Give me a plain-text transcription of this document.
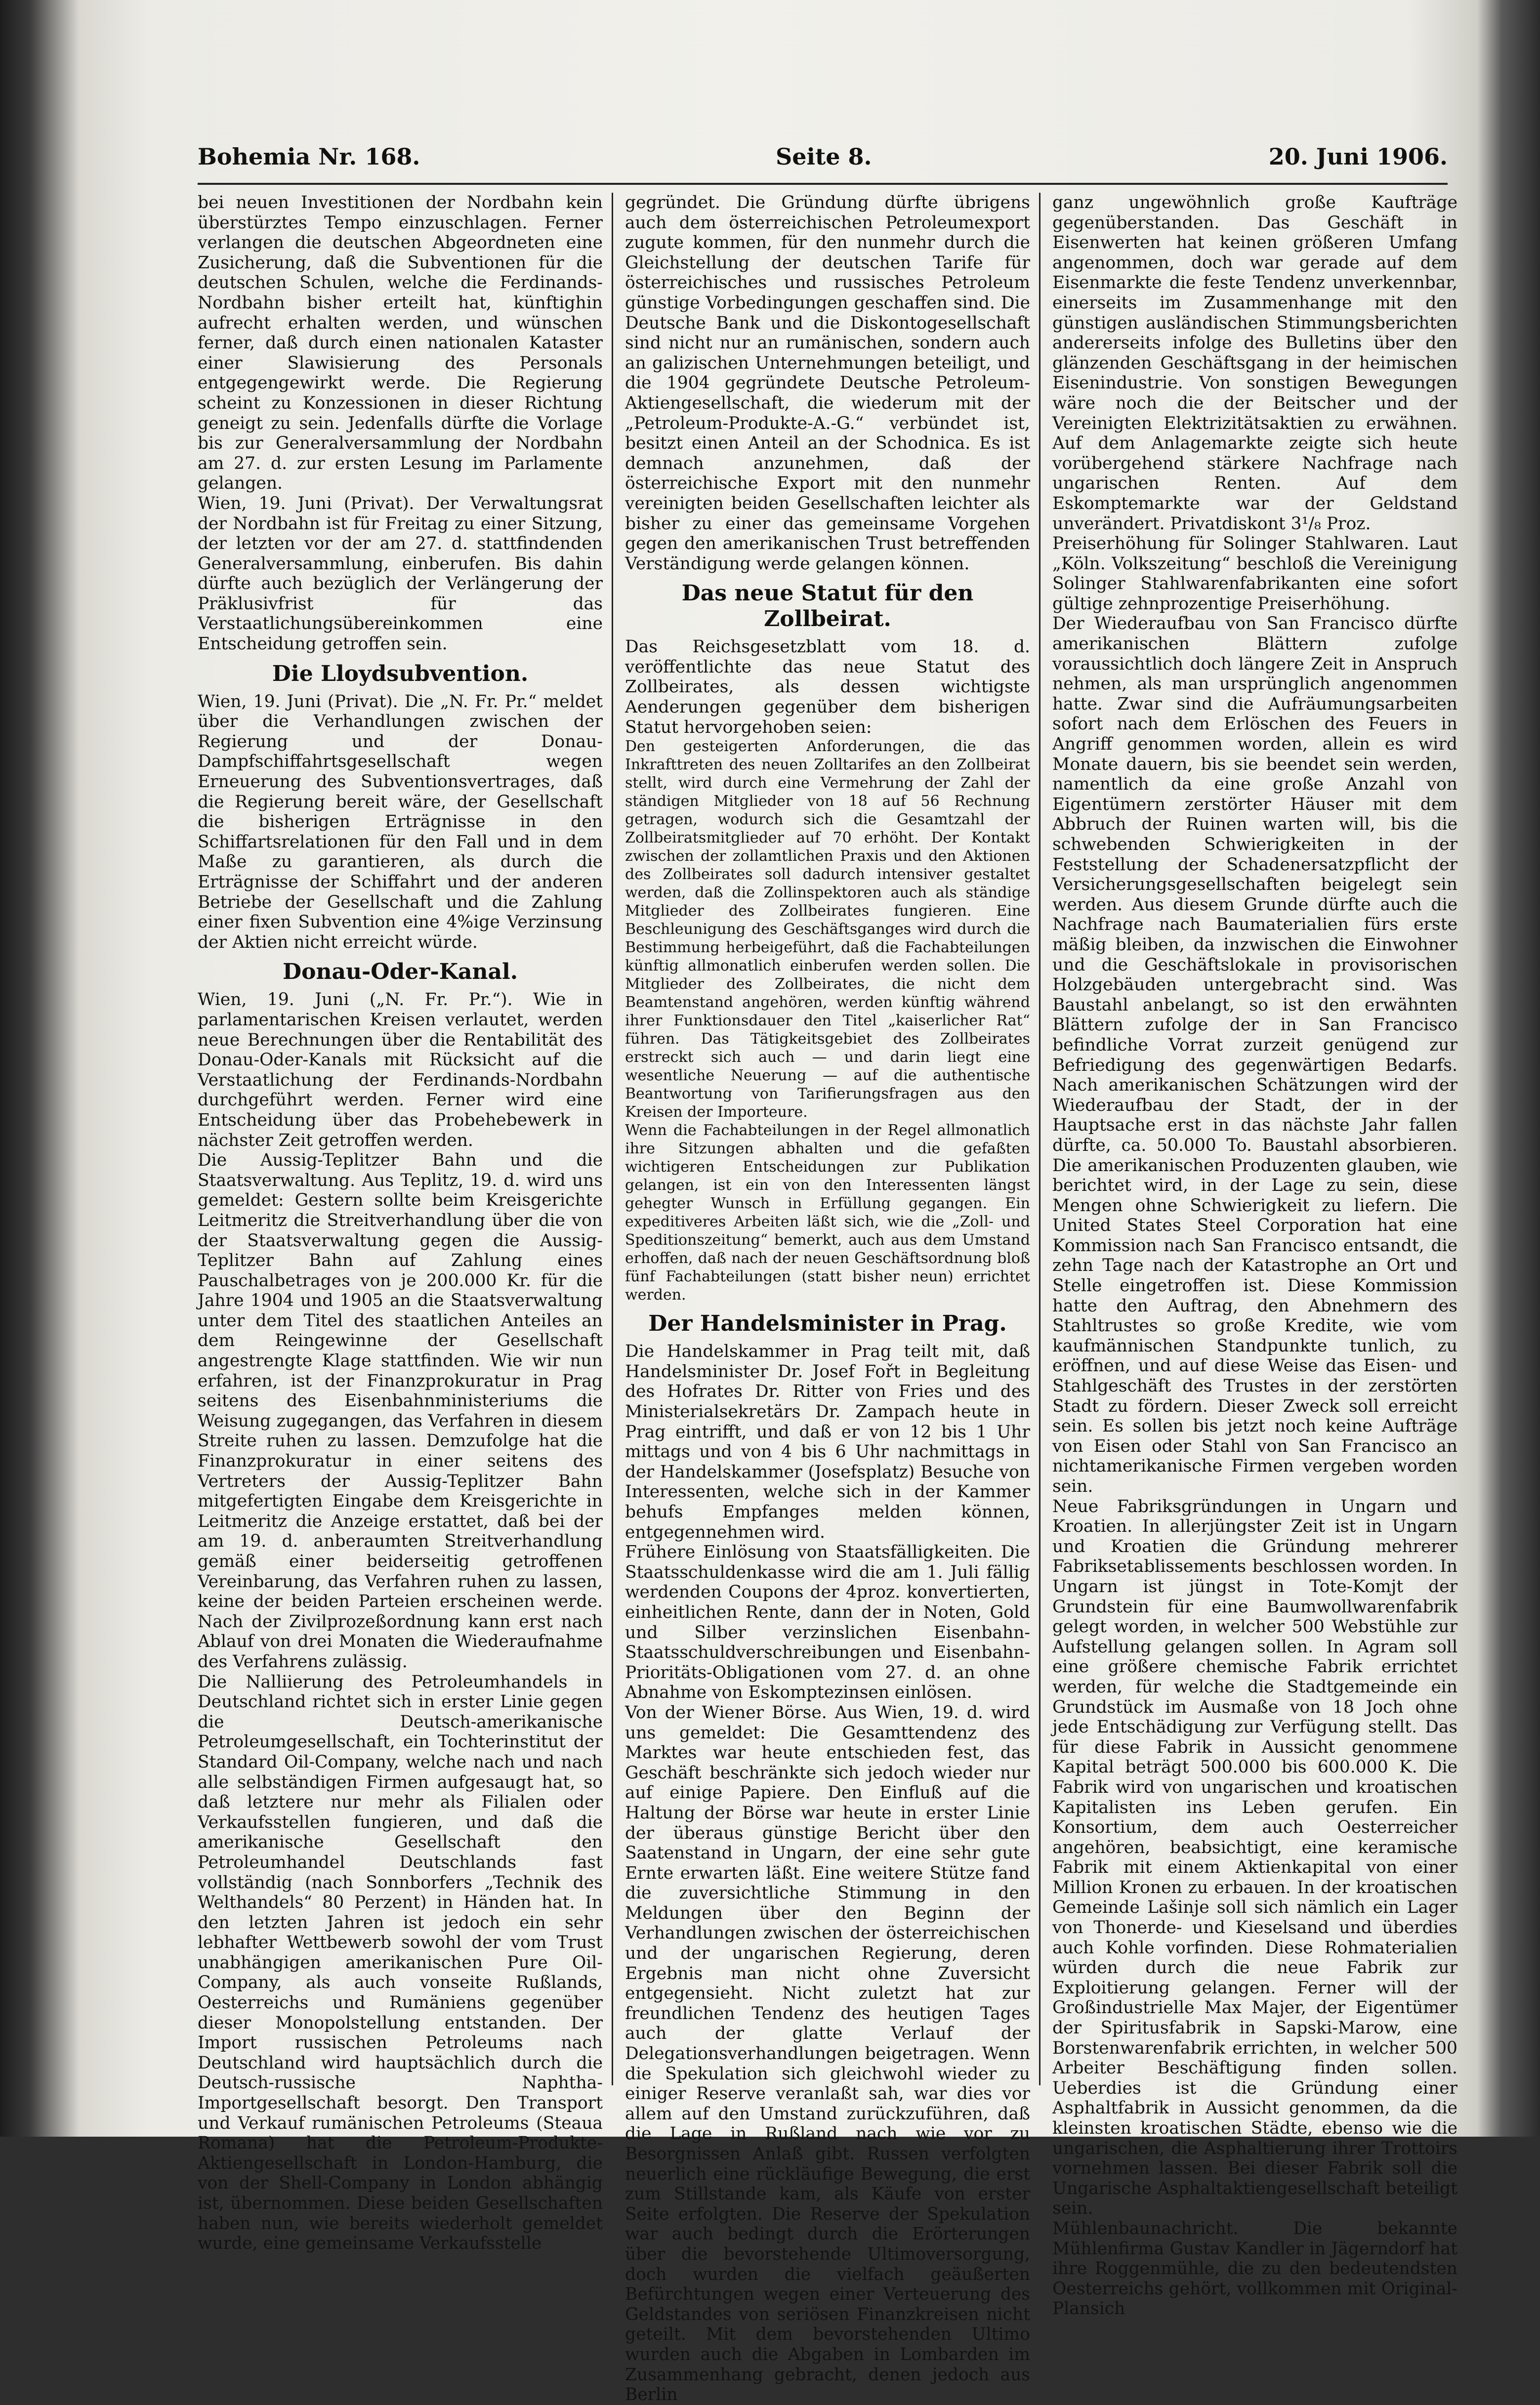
Bohemia Nr. 168.	Seite 8.	20. Juni 1906.

bei neuen Investitionen der Nordbahn kein überstürztes Tempo einzuschlagen. Ferner verlangen die deutschen Abgeordneten eine Zusicherung, daß die Subventionen für die deutschen Schulen, welche die Ferdinands-Nordbahn bisher erteilt hat, künftighin aufrecht erhalten werden, und wünschen ferner, daß durch einen nationalen Kataster einer Slawisierung des Personals entgegengewirkt werde. Die Regierung scheint zu Konzessionen in dieser Richtung geneigt zu sein. Jedenfalls dürfte die Vorlage bis zur Generalversammlung der Nordbahn am 27. d. zur ersten Lesung im Parlamente gelangen.

Wien, 19. Juni (Privat). Der Verwaltungsrat der Nordbahn ist für Freitag zu einer Sitzung, der letzten vor der am 27. d. stattfindenden Generalversammlung, einberufen. Bis dahin dürfte auch bezüglich der Verlängerung der Präklusivfrist für das Verstaatlichungsübereinkommen eine Entscheidung getroffen sein.

Die Lloydsubvention.

Wien, 19. Juni (Privat). Die „N. Fr. Pr.“ meldet über die Verhandlungen zwischen der Regierung und der Donau-Dampfschiffahrtsgesellschaft wegen Erneuerung des Subventionsvertrages, daß die Regierung bereit wäre, der Gesellschaft die bisherigen Erträgnisse in den Schiffartsrelationen für den Fall und in dem Maße zu garantieren, als durch die Erträgnisse der Schiffahrt und der anderen Betriebe der Gesellschaft und die Zahlung einer fixen Subvention eine 4%ige Verzinsung der Aktien nicht erreicht würde.

Donau-Oder-Kanal.

Wien, 19. Juni („N. Fr. Pr.“). Wie in parlamentarischen Kreisen verlautet, werden neue Berechnungen über die Rentabilität des Donau-Oder-Kanals mit Rücksicht auf die Verstaatlichung der Ferdinands-Nordbahn durchgeführt werden. Ferner wird eine Entscheidung über das Probehebewerk in nächster Zeit getroffen werden.

Die Aussig-Teplitzer Bahn und die Staatsverwaltung. Aus Teplitz, 19. d. wird uns gemeldet: Gestern sollte beim Kreisgerichte Leitmeritz die Streitverhandlung über die von der Staatsverwaltung gegen die Aussig-Teplitzer Bahn auf Zahlung eines Pauschalbetrages von je 200.000 Kr. für die Jahre 1904 und 1905 an die Staatsverwaltung unter dem Titel des staatlichen Anteiles an dem Reingewinne der Gesellschaft angestrengte Klage stattfinden. Wie wir nun erfahren, ist der Finanzprokuratur in Prag seitens des Eisenbahnministeriums die Weisung zugegangen, das Verfahren in diesem Streite ruhen zu lassen. Demzufolge hat die Finanzprokuratur in einer seitens des Vertreters der Aussig-Teplitzer Bahn mitgefertigten Eingabe dem Kreisgerichte in Leitmeritz die Anzeige erstattet, daß bei der am 19. d. anberaumten Streitverhandlung gemäß einer beiderseitig getroffenen Vereinbarung, das Verfahren ruhen zu lassen, keine der beiden Parteien erscheinen werde. Nach der Zivilprozeßordnung kann erst nach Ablauf von drei Monaten die Wiederaufnahme des Verfahrens zulässig.

Die Nalliierung des Petroleumhandels in Deutschland richtet sich in erster Linie gegen die Deutsch-amerikanische Petroleumgesellschaft, ein Tochterinstitut der Standard Oil-Company, welche nach und nach alle selbständigen Firmen aufgesaugt hat, so daß letztere nur mehr als Filialen oder Verkaufsstellen fungieren, und daß die amerikanische Gesellschaft den Petroleumhandel Deutschlands fast vollständig (nach Sonnborfers „Technik des Welthandels“ 80 Perzent) in Händen hat. In den letzten Jahren ist jedoch ein sehr lebhafter Wettbewerb sowohl der vom Trust unabhängigen amerikanischen Pure Oil-Company, als auch vonseite Rußlands, Oesterreichs und Rumäniens gegenüber dieser Monopolstellung entstanden. Der Import russischen Petroleums nach Deutschland wird hauptsächlich durch die Deutsch-russische Naphtha-Importgesellschaft besorgt. Den Transport und Verkauf rumänischen Petroleums (Steaua Romana) hat die Petroleum-Produkte-Aktiengesellschaft in London-Hamburg, die von der Shell-Company in London abhängig ist, übernommen. Diese beiden Gesellschaften haben nun, wie bereits wiederholt gemeldet wurde, eine gemeinsame Verkaufsstelle

gegründet. Die Gründung dürfte übrigens auch dem österreichischen Petroleumexport zugute kommen, für den nunmehr durch die Gleichstellung der deutschen Tarife für österreichisches und russisches Petroleum günstige Vorbedingungen geschaffen sind. Die Deutsche Bank und die Diskontogesellschaft sind nicht nur an rumänischen, sondern auch an galizischen Unternehmungen beteiligt, und die 1904 gegründete Deutsche Petroleum-Aktiengesellschaft, die wiederum mit der „Petroleum-Produkte-A.-G.“ verbündet ist, besitzt einen Anteil an der Schodnica. Es ist demnach anzunehmen, daß der österreichische Export mit den nunmehr vereinigten beiden Gesellschaften leichter als bisher zu einer das gemeinsame Vorgehen gegen den amerikanischen Trust betreffenden Verständigung werde gelangen können.

Das neue Statut für den Zollbeirat.

Das Reichsgesetzblatt vom 18. d. veröffentlichte das neue Statut des Zollbeirates, als dessen wichtigste Aenderungen gegenüber dem bisherigen Statut hervorgehoben seien:

Den gesteigerten Anforderungen, die das Inkrafttreten des neuen Zolltarifes an den Zollbeirat stellt, wird durch eine Vermehrung der Zahl der ständigen Mitglieder von 18 auf 56 Rechnung getragen, wodurch sich die Gesamtzahl der Zollbeiratsmitglieder auf 70 erhöht. Der Kontakt zwischen der zollamtlichen Praxis und den Aktionen des Zollbeirates soll dadurch intensiver gestaltet werden, daß die Zollinspektoren auch als ständige Mitglieder des Zollbeirates fungieren. Eine Beschleunigung des Geschäftsganges wird durch die Bestimmung herbeigeführt, daß die Fachabteilungen künftig allmonatlich einberufen werden sollen. Die Mitglieder des Zollbeirates, die nicht dem Beamtenstand angehören, werden künftig während ihrer Funktionsdauer den Titel „kaiserlicher Rat“ führen. Das Tätigkeitsgebiet des Zollbeirates erstreckt sich auch — und darin liegt eine wesentliche Neuerung — auf die authentische Beantwortung von Tarifierungsfragen aus den Kreisen der Importeure.

Wenn die Fachabteilungen in der Regel allmonatlich ihre Sitzungen abhalten und die gefaßten wichtigeren Entscheidungen zur Publikation gelangen, ist ein von den Interessenten längst gehegter Wunsch in Erfüllung gegangen. Ein expeditiveres Arbeiten läßt sich, wie die „Zoll- und Speditionszeitung“ bemerkt, auch aus dem Umstand erhoffen, daß nach der neuen Geschäftsordnung bloß fünf Fachabteilungen (statt bisher neun) errichtet werden.

Der Handelsminister in Prag.

Die Handelskammer in Prag teilt mit, daß Handelsminister Dr. Josef Fořt in Begleitung des Hofrates Dr. Ritter von Fries und des Ministerialsekretärs Dr. Zampach heute in Prag eintrifft, und daß er von 12 bis 1 Uhr mittags und von 4 bis 6 Uhr nachmittags in der Handelskammer (Josefsplatz) Besuche von Interessenten, welche sich in der Kammer behufs Empfanges melden können, entgegennehmen wird.

Frühere Einlösung von Staatsfälligkeiten. Die Staatsschuldenkasse wird die am 1. Juli fällig werdenden Coupons der 4proz. konvertierten, einheitlichen Rente, dann der in Noten, Gold und Silber verzinslichen Eisenbahn-Staatsschuldverschreibungen und Eisenbahn-Prioritäts-Obligationen vom 27. d. an ohne Abnahme von Eskomptezinsen einlösen.

Von der Wiener Börse. Aus Wien, 19. d. wird uns gemeldet: Die Gesamttendenz des Marktes war heute entschieden fest, das Geschäft beschränkte sich jedoch wieder nur auf einige Papiere. Den Einfluß auf die Haltung der Börse war heute in erster Linie der überaus günstige Bericht über den Saatenstand in Ungarn, der eine sehr gute Ernte erwarten läßt. Eine weitere Stütze fand die zuversichtliche Stimmung in den Meldungen über den Beginn der Verhandlungen zwischen der österreichischen und der ungarischen Regierung, deren Ergebnis man nicht ohne Zuversicht entgegensieht. Nicht zuletzt hat zur freundlichen Tendenz des heutigen Tages auch der glatte Verlauf der Delegationsverhandlungen beigetragen. Wenn die Spekulation sich gleichwohl wieder zu einiger Reserve veranlaßt sah, war dies vor allem auf den Umstand zurückzuführen, daß die Lage in Rußland nach wie vor zu Besorgnissen Anlaß gibt. Russen verfolgten neuerlich eine rückläufige Bewegung, die erst zum Stillstande kam, als Käufe von erster Seite erfolgten. Die Reserve der Spekulation war auch bedingt durch die Erörterungen über die bevorstehende Ultimoversorgung, doch wurden die vielfach geäußerten Befürchtungen wegen einer Verteuerung des Geldstandes von seriösen Finanzkreisen nicht geteilt. Mit dem bevorstehenden Ultimo wurden auch die Abgaben in Lombarden im Zusammenhang gebracht, denen jedoch aus Berlin

ganz ungewöhnlich große Kaufträge gegenüberstanden. Das Geschäft in Eisenwerten hat keinen größeren Umfang angenommen, doch war gerade auf dem Eisenmarkte die feste Tendenz unverkennbar, einerseits im Zusammenhange mit den günstigen ausländischen Stimmungsberichten andererseits infolge des Bulletins über den glänzenden Geschäftsgang in der heimischen Eisenindustrie. Von sonstigen Bewegungen wäre noch die der Beitscher und der Vereinigten Elektrizitätsaktien zu erwähnen. Auf dem Anlagemarkte zeigte sich heute vorübergehend stärkere Nachfrage nach ungarischen Renten. Auf dem Eskomptemarkte war der Geldstand unverändert. Privatdiskont 3¹/₈ Proz.

Preiserhöhung für Solinger Stahlwaren. Laut „Köln. Volkszeitung“ beschloß die Vereinigung Solinger Stahlwarenfabrikanten eine sofort gültige zehnprozentige Preiserhöhung.

Der Wiederaufbau von San Francisco dürfte amerikanischen Blättern zufolge voraussichtlich doch längere Zeit in Anspruch nehmen, als man ursprünglich angenommen hatte. Zwar sind die Aufräumungsarbeiten sofort nach dem Erlöschen des Feuers in Angriff genommen worden, allein es wird Monate dauern, bis sie beendet sein werden, namentlich da eine große Anzahl von Eigentümern zerstörter Häuser mit dem Abbruch der Ruinen warten will, bis die schwebenden Schwierigkeiten in der Feststellung der Schadenersatzpflicht der Versicherungsgesellschaften beigelegt sein werden. Aus diesem Grunde dürfte auch die Nachfrage nach Baumaterialien fürs erste mäßig bleiben, da inzwischen die Einwohner und die Geschäftslokale in provisorischen Holzgebäuden untergebracht sind. Was Baustahl anbelangt, so ist den erwähnten Blättern zufolge der in San Francisco befindliche Vorrat zurzeit genügend zur Befriedigung des gegenwärtigen Bedarfs. Nach amerikanischen Schätzungen wird der Wiederaufbau der Stadt, der in der Hauptsache erst in das nächste Jahr fallen dürfte, ca. 50.000 To. Baustahl absorbieren. Die amerikanischen Produzenten glauben, wie berichtet wird, in der Lage zu sein, diese Mengen ohne Schwierigkeit zu liefern. Die United States Steel Corporation hat eine Kommission nach San Francisco entsandt, die zehn Tage nach der Katastrophe an Ort und Stelle eingetroffen ist. Diese Kommission hatte den Auftrag, den Abnehmern des Stahltrustes so große Kredite, wie vom kaufmännischen Standpunkte tunlich, zu eröffnen, und auf diese Weise das Eisen- und Stahlgeschäft des Trustes in der zerstörten Stadt zu fördern. Dieser Zweck soll erreicht sein. Es sollen bis jetzt noch keine Aufträge von Eisen oder Stahl von San Francisco an nichtamerikanische Firmen vergeben worden sein.

Neue Fabriksgründungen in Ungarn und Kroatien. In allerjüngster Zeit ist in Ungarn und Kroatien die Gründung mehrerer Fabriksetablissements beschlossen worden. In Ungarn ist jüngst in Tote-Komjt der Grundstein für eine Baumwollwarenfabrik gelegt worden, in welcher 500 Webstühle zur Aufstellung gelangen sollen. In Agram soll eine größere chemische Fabrik errichtet werden, für welche die Stadtgemeinde ein Grundstück im Ausmaße von 18 Joch ohne jede Entschädigung zur Verfügung stellt. Das für diese Fabrik in Aussicht genommene Kapital beträgt 500.000 bis 600.000 K. Die Fabrik wird von ungarischen und kroatischen Kapitalisten ins Leben gerufen. Ein Konsortium, dem auch Oesterreicher angehören, beabsichtigt, eine keramische Fabrik mit einem Aktienkapital von einer Million Kronen zu erbauen. In der kroatischen Gemeinde Lašinje soll sich nämlich ein Lager von Thonerde- und Kieselsand und überdies auch Kohle vorfinden. Diese Rohmaterialien würden durch die neue Fabrik zur Exploitierung gelangen. Ferner will der Großindustrielle Max Majer, der Eigentümer der Spiritusfabrik in Sapski-Marow, eine Borstenwarenfabrik errichten, in welcher 500 Arbeiter Beschäftigung finden sollen. Ueberdies ist die Gründung einer Asphaltfabrik in Aussicht genommen, da die kleinsten kroatischen Städte, ebenso wie die ungarischen, die Asphaltierung ihrer Trottoirs vornehmen lassen. Bei dieser Fabrik soll die Ungarische Asphaltaktiengesellschaft beteiligt sein.

Mühlenbaunachricht. Die bekannte Mühlenfirma Gustav Kandler in Jägerndorf hat ihre Roggenmühle, die zu den bedeutendsten Oesterreichs gehört, vollkommen mit Original-Plansich
